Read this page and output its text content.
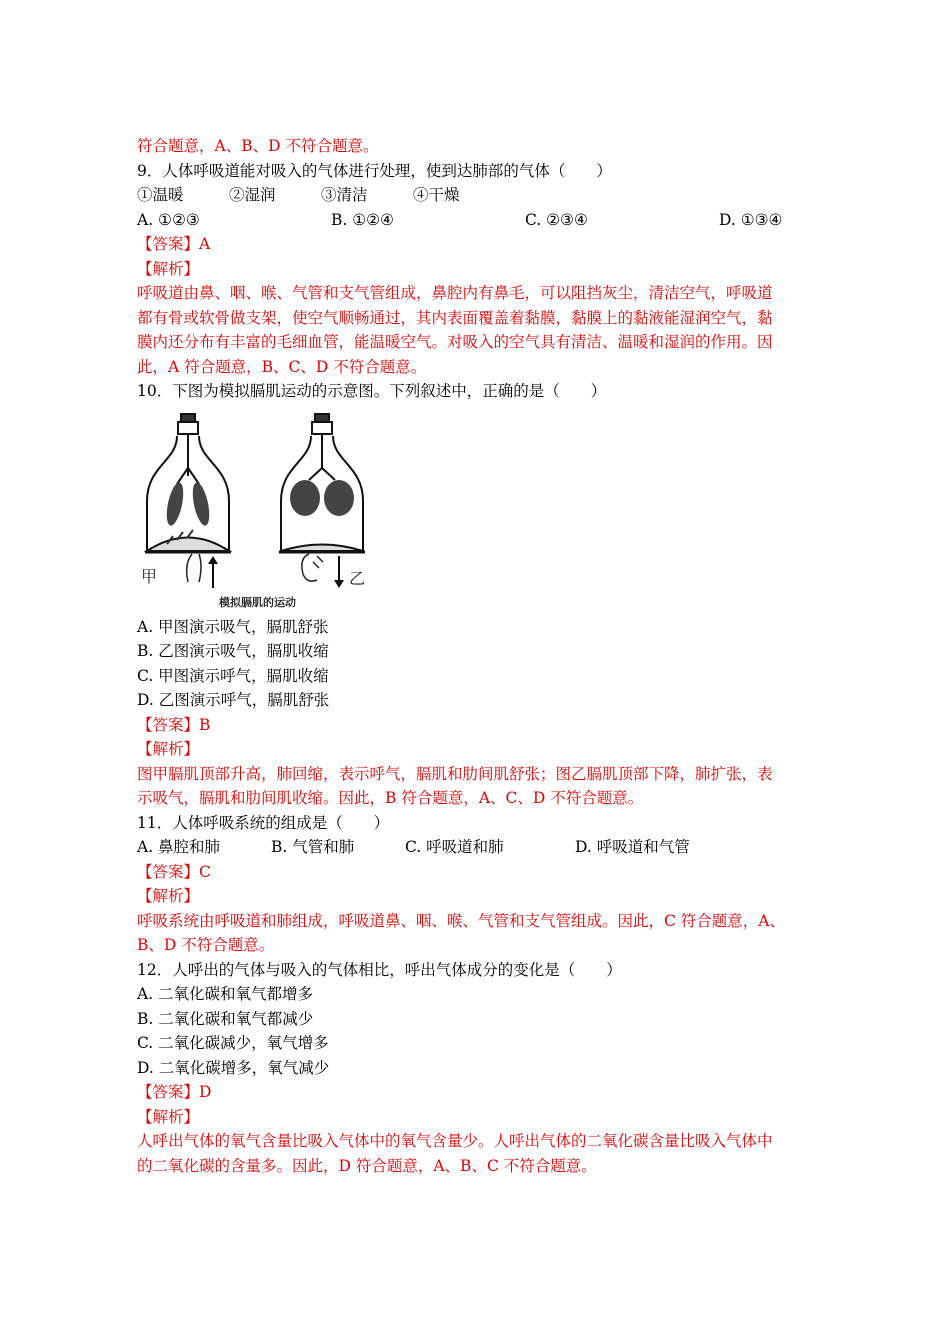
符合题意，A、B、D 不符合题意。
9．人体呼吸道能对吸入的气体进行处理，使到达肺部的气体（　　）
①温暖	②湿润	③清洁	④干燥
A. ①②③	B. ①②④	C. ②③④	D. ①③④
【答案】A
【解析】
呼吸道由鼻、咽、喉、气管和支气管组成，鼻腔内有鼻毛，可以阻挡灰尘，清洁空气，呼吸道
都有骨或软骨做支架，使空气顺畅通过，其内表面覆盖着黏膜，黏膜上的黏液能湿润空气，黏
膜内还分布有丰富的毛细血管，能温暖空气。对吸入的空气具有清洁、温暖和湿润的作用。因
此，A 符合题意，B、C、D 不符合题意。
10．下图为模拟膈肌运动的示意图。下列叙述中，正确的是（　　）
甲	乙
模拟膈肌的运动
A. 甲图演示吸气，膈肌舒张
B. 乙图演示吸气，膈肌收缩
C. 甲图演示呼气，膈肌收缩
D. 乙图演示呼气，膈肌舒张
【答案】B
【解析】
图甲膈肌顶部升高，肺回缩，表示呼气，膈肌和肋间肌舒张；图乙膈肌顶部下降，肺扩张，表
示吸气，膈肌和肋间肌收缩。因此，B 符合题意，A、C、D 不符合题意。
11．人体呼吸系统的组成是（　　）
A. 鼻腔和肺	B. 气管和肺	C. 呼吸道和肺	D. 呼吸道和气管
【答案】C
【解析】
呼吸系统由呼吸道和肺组成，呼吸道鼻、咽、喉、气管和支气管组成。因此，C 符合题意，A、
B、D 不符合题意。
12．人呼出的气体与吸入的气体相比，呼出气体成分的变化是（　　）
A. 二氧化碳和氧气都增多
B. 二氧化碳和氧气都减少
C. 二氧化碳减少，氧气增多
D. 二氧化碳增多，氧气减少
【答案】D
【解析】
人呼出气体的氧气含量比吸入气体中的氧气含量少。人呼出气体的二氧化碳含量比吸入气体中
的二氧化碳的含量多。因此，D 符合题意，A、B、C 不符合题意。
